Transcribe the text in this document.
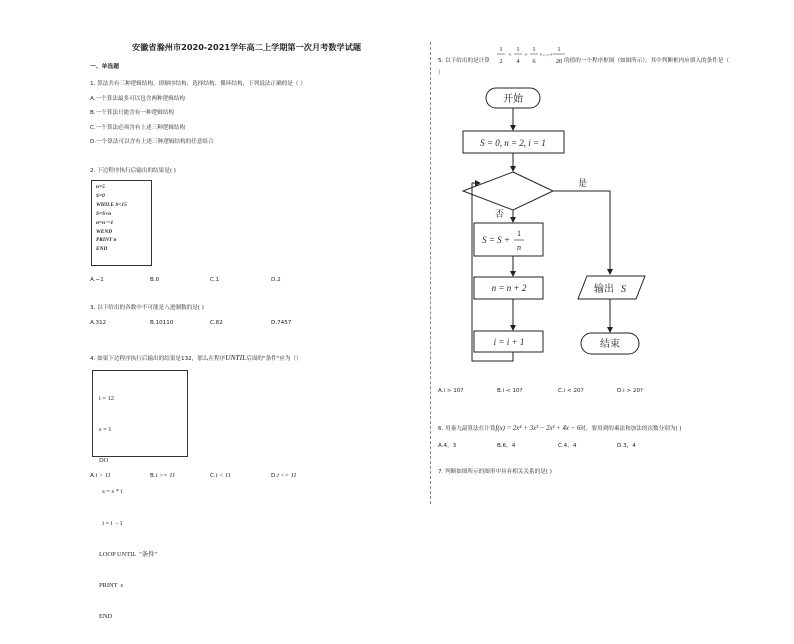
安徽省滁州市2020-2021学年高二上学期第一次月考数学试题
一、单选题
1. 算法共有三种逻辑结构，即顺序结构、选择结构、循环结构，下列说法正确的是（ ）
A.一个算法最多可以包含两种逻辑结构
B.一个算法只能含有一种逻辑结构
C.一个算法必须含有上述三种逻辑结构
D.一个算法可以含有上述三种逻辑结构的任意组合
2. 下边程序执行后输出的结果是( )
n=5
S=0
WHILE S<15
S=S+n
n=n－1
WEND
PRINT n
END
A.−1	B.0	C.1	D.2
3. 以下给出的各数中不可能是八进制数的是( )
A.312	B.10110	C.82	D.7457
4. 如果下边程序执行后输出的结果是132，那么在程序UNTIL后面的"条件"应为（）

i = 12

s = 1

DO

s = s * i

i = i  - 1

LOOP UNTIL  "条件"

PRINT  s

END

A.i > 11	B.i >= 11	C.i < 11	D.i <= 11
5. 以下给出的是计算
1
2
+
1
4
+
1
6
+⋯+
1
20 的值的一个程序框图（如图所示），其中判断框内应填入的条件是（
）
开始
S = 0, n = 2, i = 1
是
否
S = S +
1
n
n = n + 2
i = i + 1
输出 S
结束
A.i > 10?	B.i < 10?	C.i < 20?	D.i > 20?
6. 用秦九韶算法在计算f(x) = 2x⁴ + 3x³ − 2x² + 4x − 6时，要用到的乘法和加法的次数分别为( )
A.4，3	B.6，4	C.4，4	D.3，4
7. 判断如图所示的图形中具有相关关系的是( )
